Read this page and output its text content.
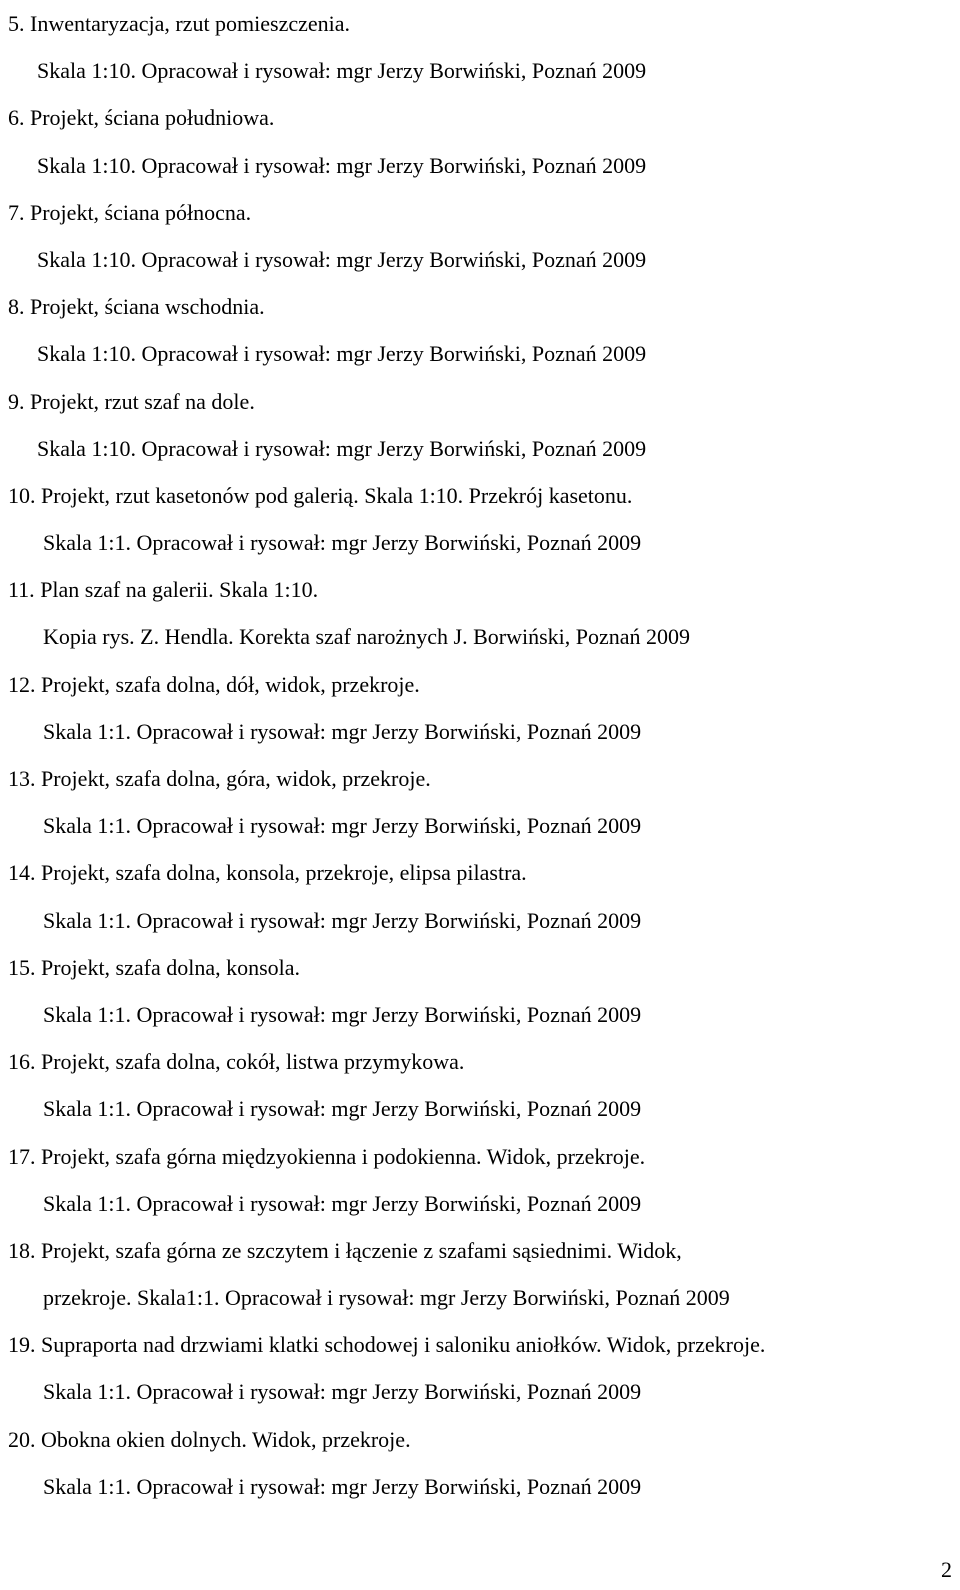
5. Inwentaryzacja, rzut pomieszczenia.
Skala 1:10. Opracował i rysował: mgr Jerzy Borwiński, Poznań 2009
6. Projekt, ściana południowa.
Skala 1:10. Opracował i rysował: mgr Jerzy Borwiński, Poznań 2009
7. Projekt, ściana północna.
Skala 1:10. Opracował i rysował: mgr Jerzy Borwiński, Poznań 2009
8. Projekt, ściana wschodnia.
Skala 1:10. Opracował i rysował: mgr Jerzy Borwiński, Poznań 2009
9. Projekt, rzut szaf na dole.
Skala 1:10. Opracował i rysował: mgr Jerzy Borwiński, Poznań 2009
10. Projekt, rzut kasetonów pod galerią. Skala 1:10. Przekrój kasetonu.
Skala 1:1. Opracował i rysował: mgr Jerzy Borwiński, Poznań 2009
11. Plan szaf na galerii. Skala 1:10.
Kopia rys. Z. Hendla. Korekta szaf narożnych J. Borwiński, Poznań 2009
12. Projekt, szafa dolna, dół, widok, przekroje.
Skala 1:1. Opracował i rysował: mgr Jerzy Borwiński, Poznań 2009
13. Projekt, szafa dolna, góra, widok, przekroje.
Skala 1:1. Opracował i rysował: mgr Jerzy Borwiński, Poznań 2009
14. Projekt, szafa dolna, konsola, przekroje, elipsa pilastra.
Skala 1:1. Opracował i rysował: mgr Jerzy Borwiński, Poznań 2009
15. Projekt, szafa dolna, konsola.
Skala 1:1. Opracował i rysował: mgr Jerzy Borwiński, Poznań 2009
16. Projekt, szafa dolna, cokół, listwa przymykowa.
Skala 1:1. Opracował i rysował: mgr Jerzy Borwiński, Poznań 2009
17. Projekt, szafa górna międzyokienna i podokienna. Widok, przekroje.
Skala 1:1. Opracował i rysował: mgr Jerzy Borwiński, Poznań 2009
18. Projekt, szafa górna ze szczytem i łączenie z szafami sąsiednimi. Widok,
przekroje. Skala1:1. Opracował i rysował: mgr Jerzy Borwiński, Poznań 2009
19. Supraporta nad drzwiami klatki schodowej i saloniku aniołków. Widok, przekroje.
Skala 1:1. Opracował i rysował: mgr Jerzy Borwiński, Poznań 2009
20. Obokna okien dolnych. Widok, przekroje.
Skala 1:1. Opracował i rysował: mgr Jerzy Borwiński, Poznań 2009
2
